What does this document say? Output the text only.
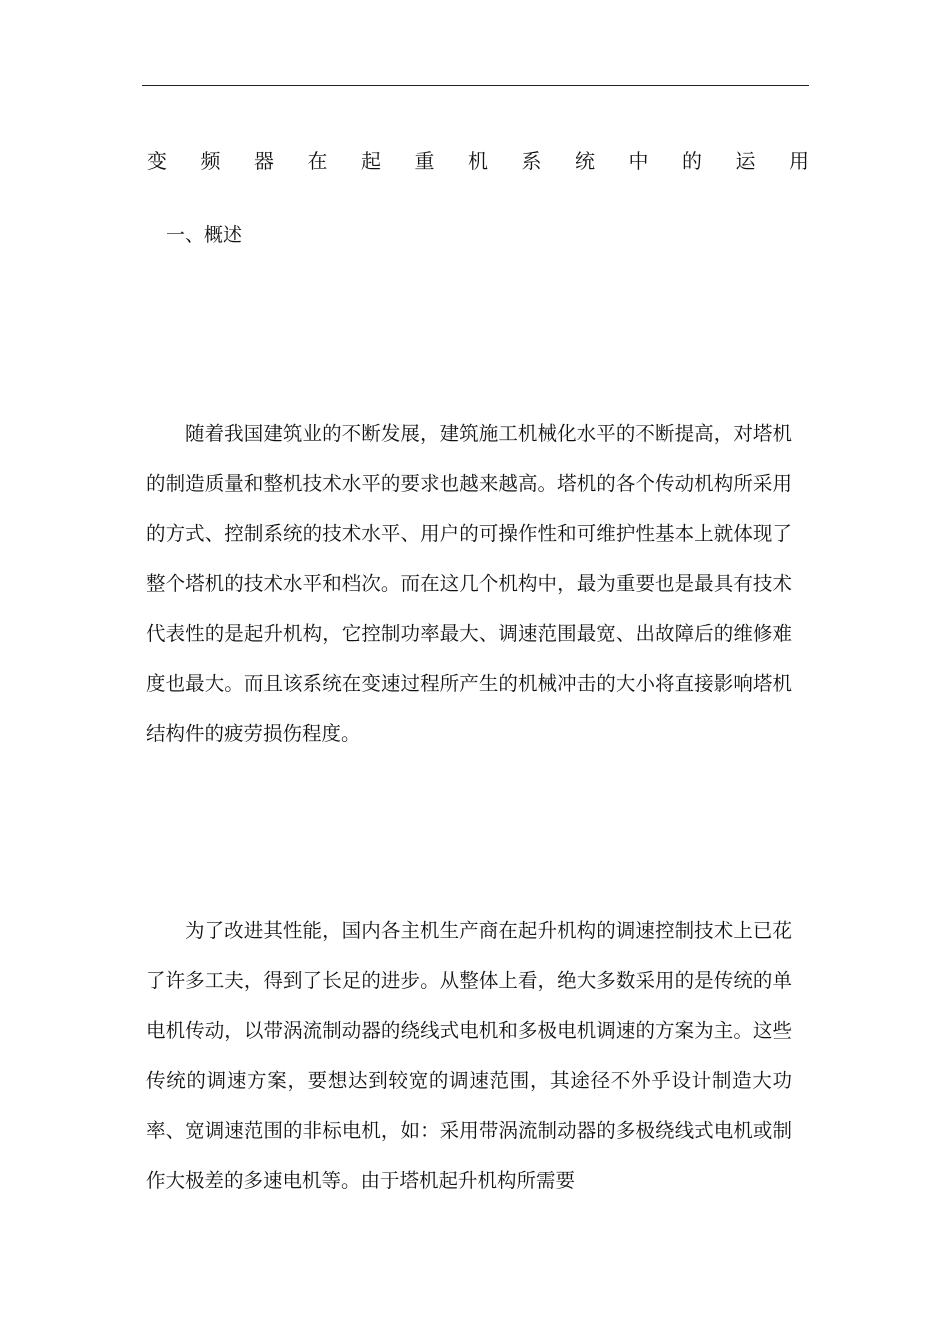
变 频 器 在 起 重 机 系 统 中 的 运 用
一、概述

随着我国建筑业的不断发展，建筑施工机械化水平的不断提高，对塔机的制造质量和整机技术水平的要求也越来越高。塔机的各个传动机构所采用的方式、控制系统的技术水平、用户的可操作性和可维护性基本上就体现了整个塔机的技术水平和档次。而在这几个机构中，最为重要也是最具有技术代表性的是起升机构，它控制功率最大、调速范围最宽、出故障后的维修难度也最大。而且该系统在变速过程所产生的机械冲击的大小将直接影响塔机结构件的疲劳损伤程度。

为了改进其性能，国内各主机生产商在起升机构的调速控制技术上已花了许多工夫，得到了长足的进步。从整体上看，绝大多数采用的是传统的单电机传动，以带涡流制动器的绕线式电机和多极电机调速的方案为主。这些传统的调速方案，要想达到较宽的调速范围，其途径不外乎设计制造大功率、宽调速范围的非标电机，如：采用带涡流制动器的多极绕线式电机或制作大极差的多速电机等。由于塔机起升机构所需要
